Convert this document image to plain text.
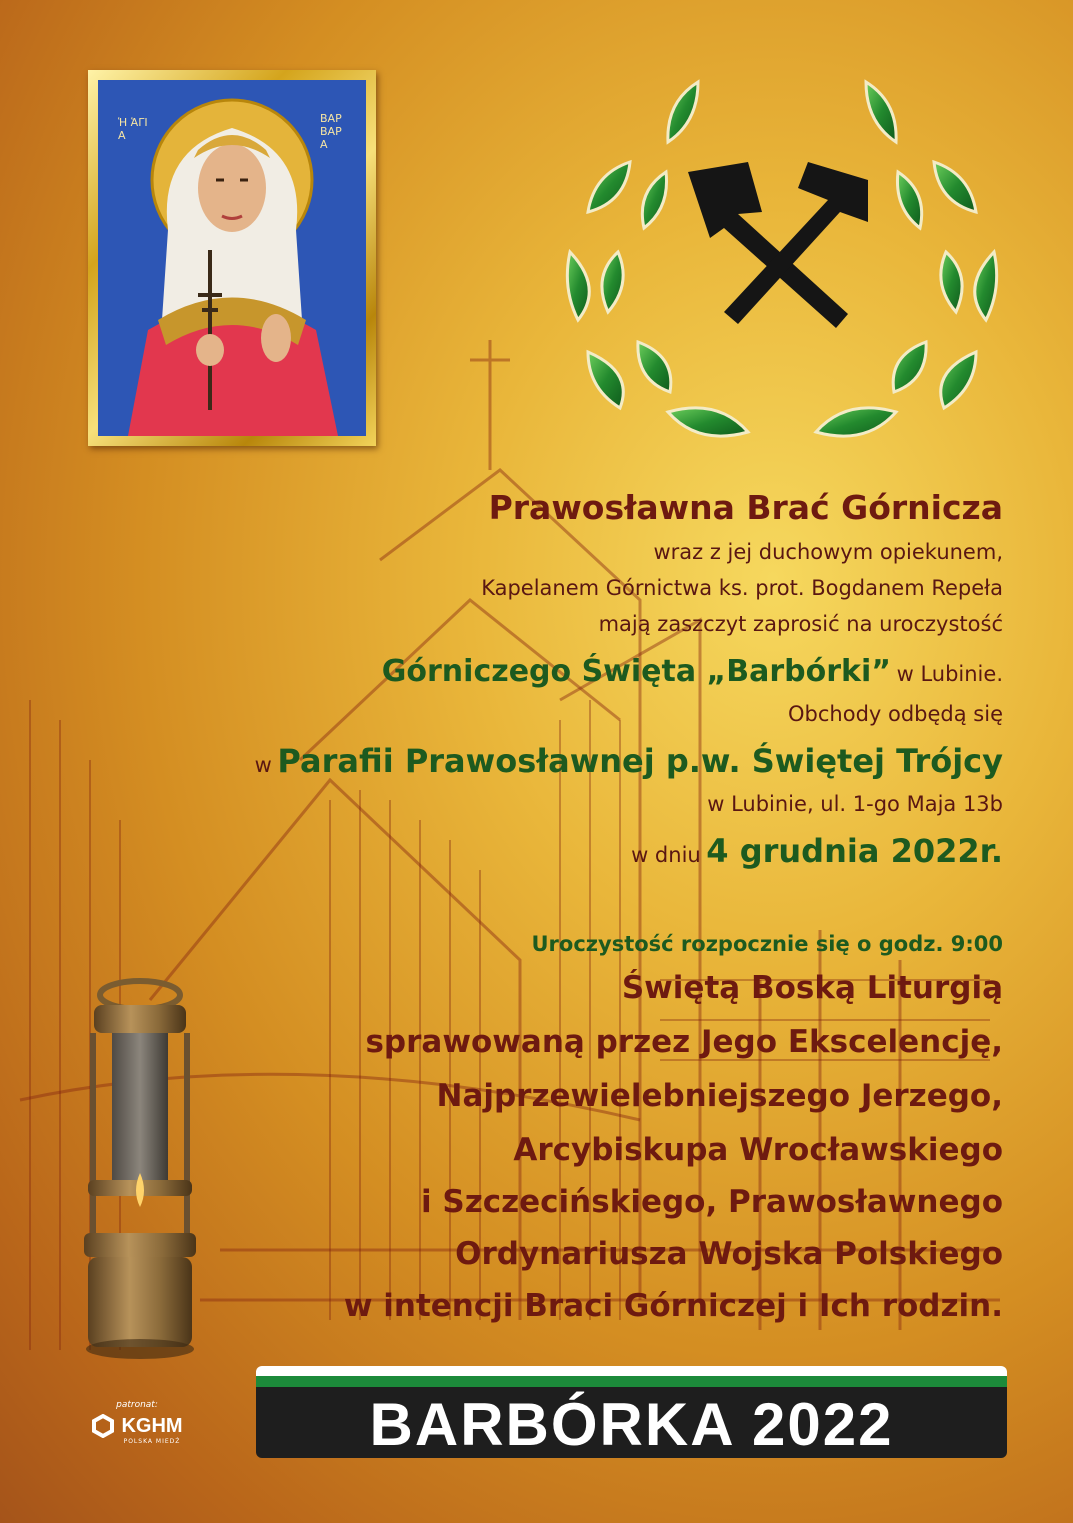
Ἡ ἉΓΙΑ
ΒΑΡΒΑΡΑ
Prawosławna Brać Górnicza
wraz z jej duchowym opiekunem,
Kapelanem Górnictwa ks. prot. Bogdanem Repeła
mają zaszczyt zaprosić na uroczystość
Górniczego Święta „Barbórki” w Lubinie.
Obchody odbędą się
w Parafii Prawosławnej p.w. Świętej Trójcy
w Lubinie, ul. 1-go Maja 13b
w dniu 4 grudnia 2022r.
Uroczystość rozpocznie się o godz. 9:00
Świętą Boską Liturgią
sprawowaną przez Jego Ekscelencję,
Najprzewielebniejszego Jerzego,
Arcybiskupa Wrocławskiego
i Szczecińskiego, Prawosławnego
Ordynariusza Wojska Polskiego
w intencji Braci Górniczej i Ich rodzin.
patronat:
KGHM
POLSKA MIEDŹ	BARBÓRKA 2022
